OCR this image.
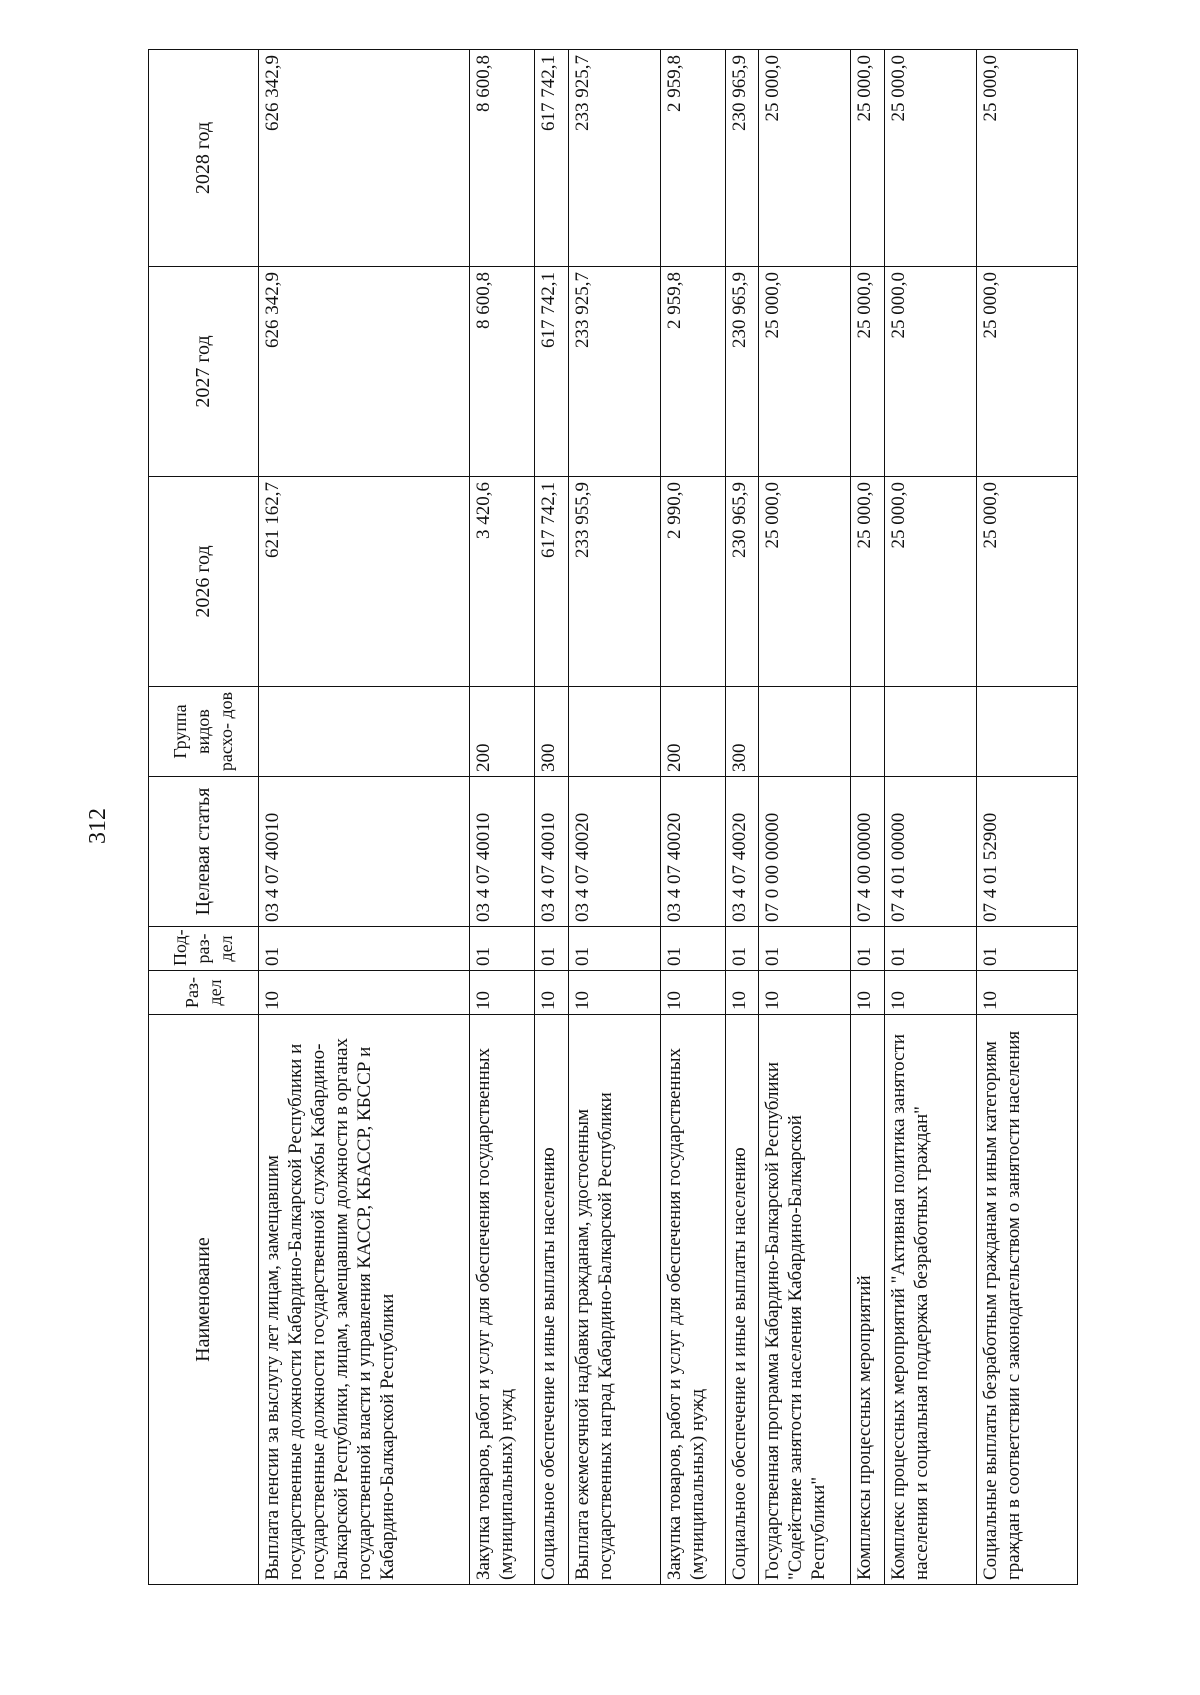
312
Наименование	Раз- дел	Под- раз- дел	Целевая статья	Группа видов расхо- дов	2026 год	2027 год	2028 год
Выплата пенсии за выслугу лет лицам, замещавшим государственные должности Кабардино-Балкарской Республики и государственные должности государственной службы Кабардино-Балкарской Республики, лицам, замещавшим должности в органах государственной власти и управления КАССР, КБАССР, КБССР и Кабардино-Балкарской Республики	10	01	03 4 07 40010		621 162,7	626 342,9	626 342,9
Закупка товаров, работ и услуг для обеспечения государственных (муниципальных) нужд	10	01	03 4 07 40010	200	3 420,6	8 600,8	8 600,8
Социальное обеспечение и иные выплаты населению	10	01	03 4 07 40010	300	617 742,1	617 742,1	617 742,1
Выплата ежемесячной надбавки гражданам, удостоенным государственных наград Кабардино-Балкарской Республики	10	01	03 4 07 40020		233 955,9	233 925,7	233 925,7
Закупка товаров, работ и услуг для обеспечения государственных (муниципальных) нужд	10	01	03 4 07 40020	200	2 990,0	2 959,8	2 959,8
Социальное обеспечение и иные выплаты населению	10	01	03 4 07 40020	300	230 965,9	230 965,9	230 965,9
Государственная программа Кабардино-Балкарской Республики "Содействие занятости населения Кабардино-Балкарской Республики"	10	01	07 0 00 00000		25 000,0	25 000,0	25 000,0
Комплексы процессных мероприятий	10	01	07 4 00 00000		25 000,0	25 000,0	25 000,0
Комплекс процессных мероприятий "Активная политика занятости населения и социальная поддержка безработных граждан"	10	01	07 4 01 00000		25 000,0	25 000,0	25 000,0
Социальные выплаты безработным гражданам и иным категориям граждан в соответствии с законодательством о занятости населения	10	01	07 4 01 52900		25 000,0	25 000,0	25 000,0
